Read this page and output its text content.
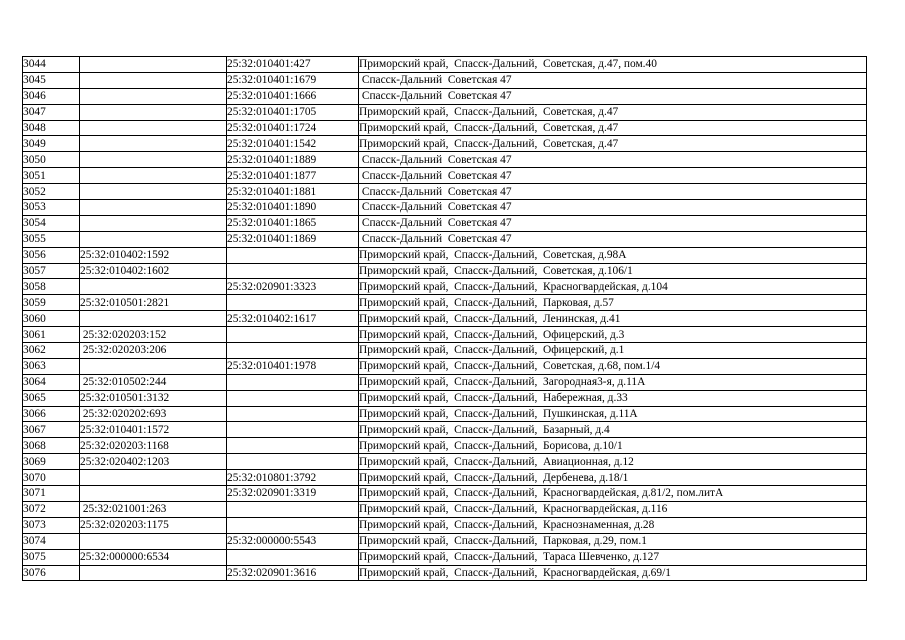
3044		25:32:010401:427	Приморский край,  Спасск-Дальний,  Советская, д.47, пом.40
3045		25:32:010401:1679	Спасск-Дальний  Советская 47
3046		25:32:010401:1666	Спасск-Дальний  Советская 47
3047		25:32:010401:1705	Приморский край,  Спасск-Дальний,  Советская, д.47
3048		25:32:010401:1724	Приморский край,  Спасск-Дальний,  Советская, д.47
3049		25:32:010401:1542	Приморский край,  Спасск-Дальний,  Советская, д.47
3050		25:32:010401:1889	Спасск-Дальний  Советская 47
3051		25:32:010401:1877	Спасск-Дальний  Советская 47
3052		25:32:010401:1881	Спасск-Дальний  Советская 47
3053		25:32:010401:1890	Спасск-Дальний  Советская 47
3054		25:32:010401:1865	Спасск-Дальний  Советская 47
3055		25:32:010401:1869	Спасск-Дальний  Советская 47
3056	25:32:010402:1592		Приморский край,  Спасск-Дальний,  Советская, д.98А
3057	25:32:010402:1602		Приморский край,  Спасск-Дальний,  Советская, д.106/1
3058		25:32:020901:3323	Приморский край,  Спасск-Дальний,  Красногвардейская, д.104
3059	25:32:010501:2821		Приморский край,  Спасск-Дальний,  Парковая, д.57
3060		25:32:010402:1617	Приморский край,  Спасск-Дальний,  Ленинская, д.41
3061	25:32:020203:152		Приморский край,  Спасск-Дальний,  Офицерский, д.3
3062	25:32:020203:206		Приморский край,  Спасск-Дальний,  Офицерский, д.1
3063		25:32:010401:1978	Приморский край,  Спасск-Дальний,  Советская, д.68, пом.1/4
3064	25:32:010502:244		Приморский край,  Спасск-Дальний,  Загородная3-я, д.11А
3065	25:32:010501:3132		Приморский край,  Спасск-Дальний,  Набережная, д.33
3066	25:32:020202:693		Приморский край,  Спасск-Дальний,  Пушкинская, д.11А
3067	25:32:010401:1572		Приморский край,  Спасск-Дальний,  Базарный, д.4
3068	25:32:020203:1168		Приморский край,  Спасск-Дальний,  Борисова, д.10/1
3069	25:32:020402:1203		Приморский край,  Спасск-Дальний,  Авиационная, д.12
3070		25:32:010801:3792	Приморский край,  Спасск-Дальний,  Дербенева, д.18/1
3071		25:32:020901:3319	Приморский край,  Спасск-Дальний,  Красногвардейская, д.81/2, пом.литА
3072	25:32:021001:263		Приморский край,  Спасск-Дальний,  Красногвардейская, д.116
3073	25:32:020203:1175		Приморский край,  Спасск-Дальний,  Краснознаменная, д.28
3074		25:32:000000:5543	Приморский край,  Спасск-Дальний,  Парковая, д.29, пом.1
3075	25:32:000000:6534		Приморский край,  Спасск-Дальний,  Тараса Шевченко, д.127
3076		25:32:020901:3616	Приморский край,  Спасск-Дальний,  Красногвардейская, д.69/1
